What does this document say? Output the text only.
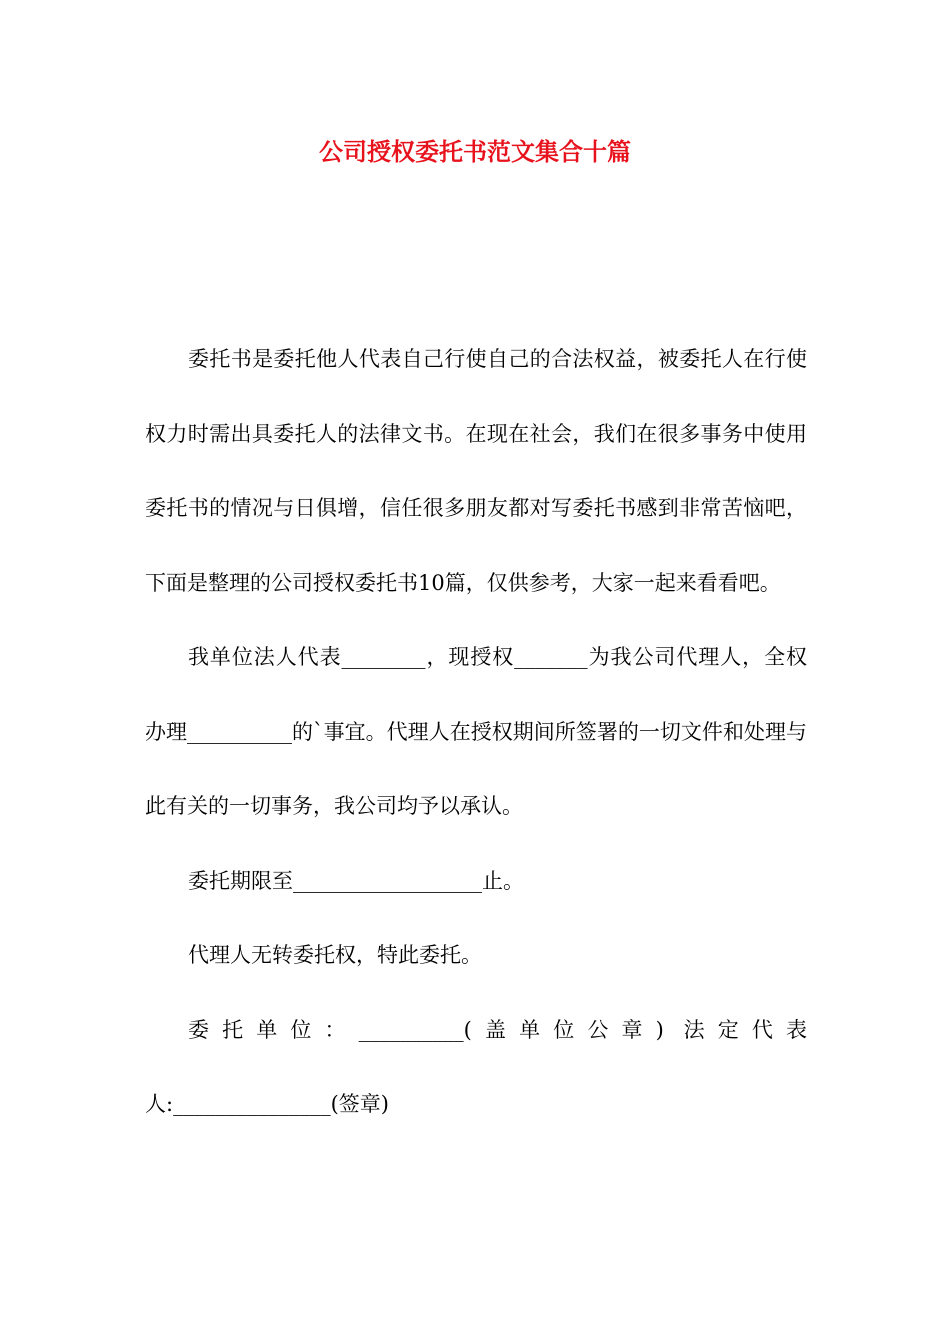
公司授权委托书范文集合十篇

委托书是委托他人代表自己行使自己的合法权益，被委托人在行使权力时需出具委托人的法律文书。在现在社会，我们在很多事务中使用委托书的情况与日俱增，信任很多朋友都对写委托书感到非常苦恼吧，下面是整理的公司授权委托书10篇，仅供参考，大家一起来看看吧。

我单位法人代表________，现授权_______为我公司代理人，全权办理__________的`事宜。代理人在授权期间所签署的一切文件和处理与此有关的一切事务，我公司均予以承认。

委托期限至__________________止。

代理人无转委托权，特此委托。

委托单位：__________(盖单位公章) 法定代表人:_______________(签章)
